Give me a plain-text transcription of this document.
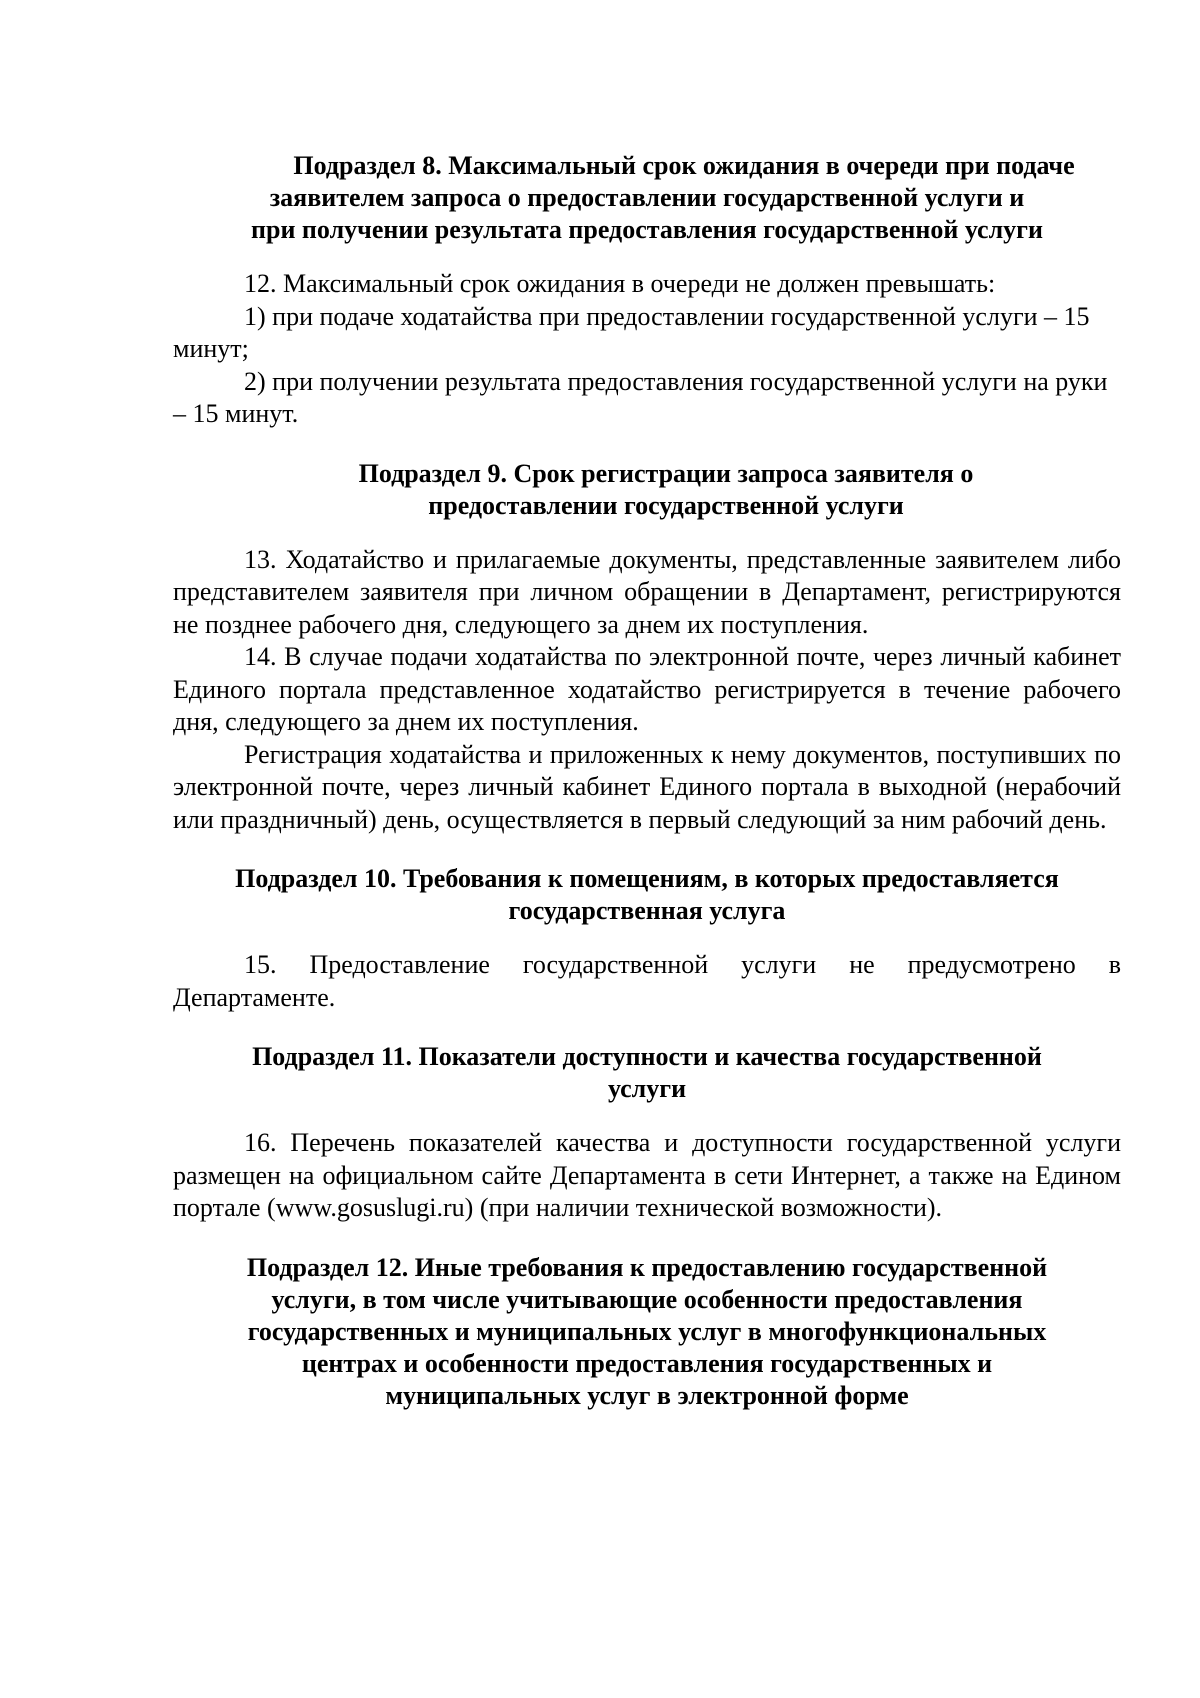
Подраздел 8. Максимальный срок ожидания в очереди при подаче
заявителем запроса о предоставлении государственной услуги и
при получении результата предоставления государственной услуги

12. Максимальный срок ожидания в очереди не должен превышать:

1) при подаче ходатайства при предоставлении государственной услуги – 15 минут;

2) при получении результата предоставления государственной услуги на руки – 15 минут.

Подраздел 9. Срок регистрации запроса заявителя о
предоставлении государственной услуги

13. Ходатайство и прилагаемые документы, представленные заявителем либо представителем заявителя при личном обращении в Департамент, регистрируются не позднее рабочего дня, следующего за днем их поступления.

14. В случае подачи ходатайства по электронной почте, через личный кабинет Единого портала представленное ходатайство регистрируется в течение рабочего дня, следующего за днем их поступления.

Регистрация ходатайства и приложенных к нему документов, поступивших по электронной почте, через личный кабинет Единого портала в выходной (нерабочий или праздничный) день, осуществляется в первый следующий за ним рабочий день.

Подраздел 10. Требования к помещениям, в которых предоставляется
государственная услуга

15. Предоставление государственной услуги не предусмотрено в Департаменте.

Подраздел 11. Показатели доступности и качества государственной
услуги

16. Перечень показателей качества и доступности государственной услуги размещен на официальном сайте Департамента в сети Интернет, а также на Едином портале (www.gosuslugi.ru) (при наличии технической возможности).

Подраздел 12. Иные требования к предоставлению государственной
услуги, в том числе учитывающие особенности предоставления
государственных и муниципальных услуг в многофункциональных
центрах и особенности предоставления государственных и
муниципальных услуг в электронной форме
